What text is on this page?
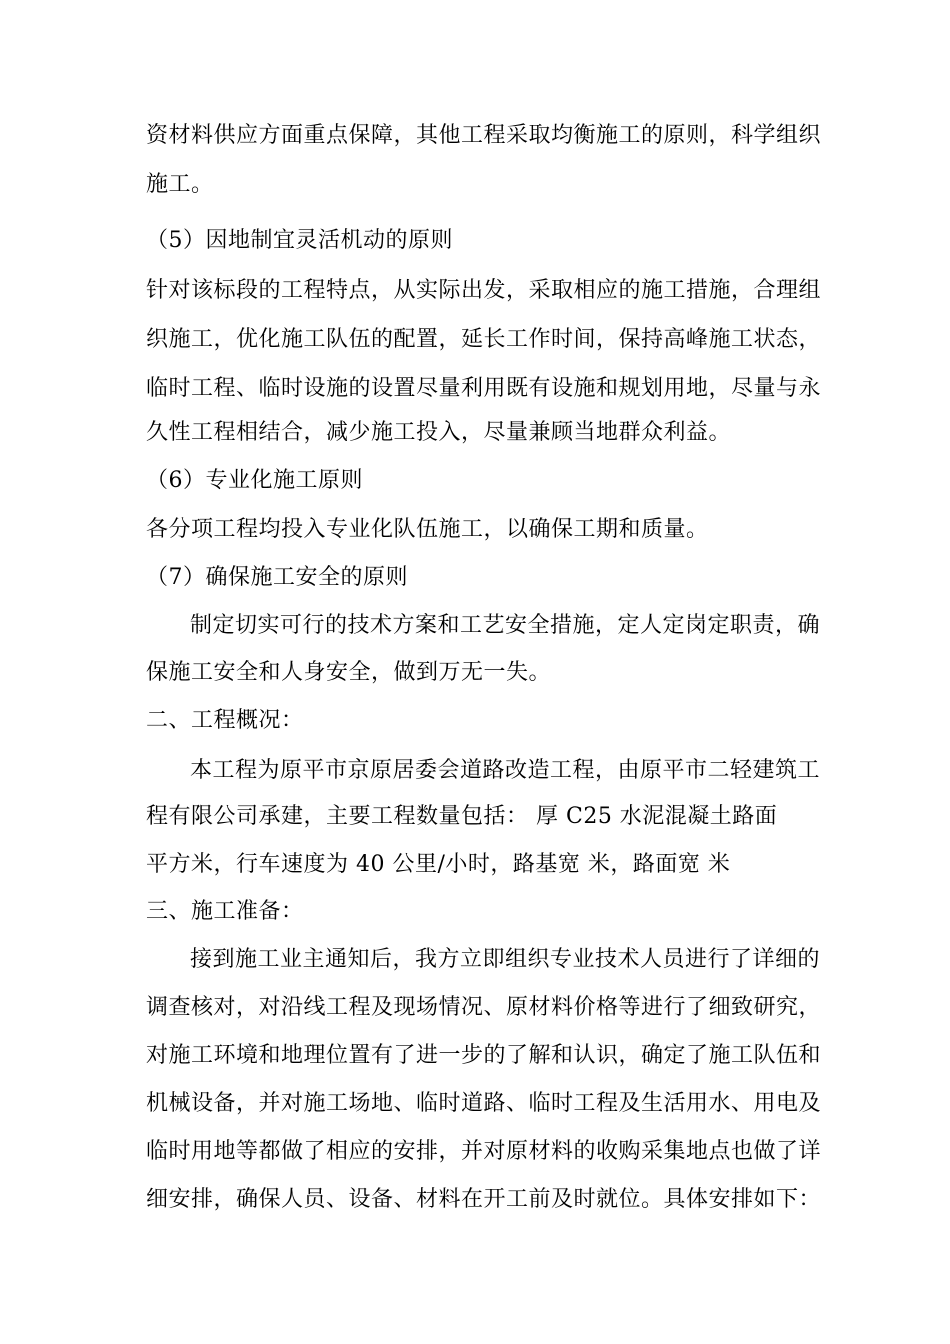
资材料供应方面重点保障，其他工程采取均衡施工的原则，科学组织
施工。
（5）因地制宜灵活机动的原则
针对该标段的工程特点，从实际出发，采取相应的施工措施，合理组
织施工，优化施工队伍的配置，延长工作时间，保持高峰施工状态，
临时工程、临时设施的设置尽量利用既有设施和规划用地，尽量与永
久性工程相结合，减少施工投入，尽量兼顾当地群众利益。
（6）专业化施工原则
各分项工程均投入专业化队伍施工，以确保工期和质量。
（7）确保施工安全的原则
制定切实可行的技术方案和工艺安全措施，定人定岗定职责，确
保施工安全和人身安全，做到万无一失。
二、工程概况：
本工程为原平市京原居委会道路改造工程，由原平市二轻建筑工
程有限公司承建，主要工程数量包括： 厚 C25 水泥混凝土路面
平方米，行车速度为 40 公里/小时，路基宽 米，路面宽 米
三、施工准备：
接到施工业主通知后，我方立即组织专业技术人员进行了详细的
调查核对，对沿线工程及现场情况、原材料价格等进行了细致研究，
对施工环境和地理位置有了进一步的了解和认识，确定了施工队伍和
机械设备，并对施工场地、临时道路、临时工程及生活用水、用电及
临时用地等都做了相应的安排，并对原材料的收购采集地点也做了详
细安排，确保人员、设备、材料在开工前及时就位。具体安排如下：
